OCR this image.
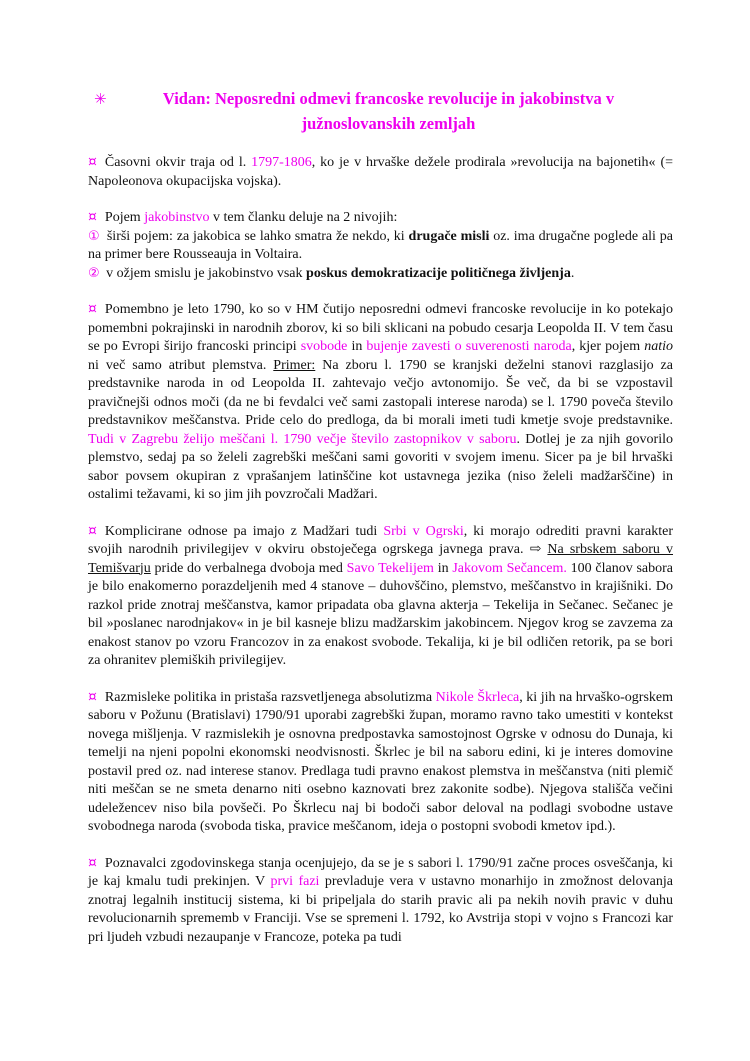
✳	Vidan: Neposredni odmevi francoske revolucije in jakobinstva v južnoslovanskih zemljah
¤ Časovni okvir traja od l. 1797-1806, ko je v hrvaške dežele prodirala »revolucija na bajonetih« (= Napoleonova okupacijska vojska).
¤ Pojem jakobinstvo v tem članku deluje na 2 nivojih:
① širši pojem: za jakobica se lahko smatra že nekdo, ki drugače misli oz. ima drugačne poglede ali pa na primer bere Rousseauja in Voltaira.
② v ožjem smislu je jakobinstvo vsak poskus demokratizacije političnega življenja.
¤ Pomembno je leto 1790, ko so v HM čutijo neposredni odmevi francoske revolucije in ko potekajo pomembni pokrajinski in narodnih zborov, ki so bili sklicani na pobudo cesarja Leopolda II. V tem času se po Evropi širijo francoski principi svobode in bujenje zavesti o suverenosti naroda, kjer pojem natio ni več samo atribut plemstva. Primer: Na zboru l. 1790 se kranjski deželni stanovi razglasijo za predstavnike naroda in od Leopolda II. zahtevajo večjo avtonomijo. Še več, da bi se vzpostavil pravičnejši odnos moči (da ne bi fevdalci več sami zastopali interese naroda) se l. 1790 poveča število predstavnikov meščanstva. Pride celo do predloga, da bi morali imeti tudi kmetje svoje predstavnike. Tudi v Zagrebu želijo meščani l. 1790 večje število zastopnikov v saboru. Dotlej je za njih govorilo plemstvo, sedaj pa so želeli zagrebški meščani sami govoriti v svojem imenu. Sicer pa je bil hrvaški sabor povsem okupiran z vprašanjem latinščine kot ustavnega jezika (niso želeli madžarščine) in ostalimi težavami, ki so jim jih povzročali Madžari.
¤ Komplicirane odnose pa imajo z Madžari tudi Srbi v Ogrski, ki morajo odrediti pravni karakter svojih narodnih privilegijev v okviru obstoječega ogrskega javnega prava. ⇨ Na srbskem saboru v Temišvarju pride do verbalnega dvoboja med Savo Tekelijem in Jakovom Sečancem. 100 članov sabora je bilo enakomerno porazdeljenih med 4 stanove – duhovščino, plemstvo, meščanstvo in krajišniki. Do razkol pride znotraj meščanstva, kamor pripadata oba glavna akterja – Tekelija in Sečanec. Sečanec je bil »poslanec narodnjakov« in je bil kasneje blizu madžarskim jakobincem. Njegov krog se zavzema za enakost stanov po vzoru Francozov in za enakost svobode. Tekalija, ki je bil odličen retorik, pa se bori za ohranitev plemiških privilegijev.
¤ Razmisleke politika in pristaša razsvetljenega absolutizma Nikole Škrleca, ki jih na hrvaško-ogrskem saboru v Požunu (Bratislavi) 1790/91 uporabi zagrebški župan, moramo ravno tako umestiti v kontekst novega mišljenja. V razmislekih je osnovna predpostavka samostojnost Ogrske v odnosu do Dunaja, ki temelji na njeni popolni ekonomski neodvisnosti. Škrlec je bil na saboru edini, ki je interes domovine postavil pred oz. nad interese stanov. Predlaga tudi pravno enakost plemstva in meščanstva (niti plemič niti meščan se ne smeta denarno niti osebno kaznovati brez zakonite sodbe). Njegova stališča večini udeležencev niso bila povšeči. Po Škrlecu naj bi bodoči sabor deloval na podlagi svobodne ustave svobodnega naroda (svoboda tiska, pravice meščanom, ideja o postopni svobodi kmetov ipd.).
¤ Poznavalci zgodovinskega stanja ocenjujejo, da se je s sabori l. 1790/91 začne proces osveščanja, ki je kaj kmalu tudi prekinjen. V prvi fazi prevladuje vera v ustavno monarhijo in zmožnost delovanja znotraj legalnih institucij sistema, ki bi pripeljala do starih pravic ali pa nekih novih pravic v duhu revolucionarnih sprememb v Franciji. Vse se spremeni l. 1792, ko Avstrija stopi v vojno s Francozi kar pri ljudeh vzbudi nezaupanje v Francoze, poteka pa tudi
